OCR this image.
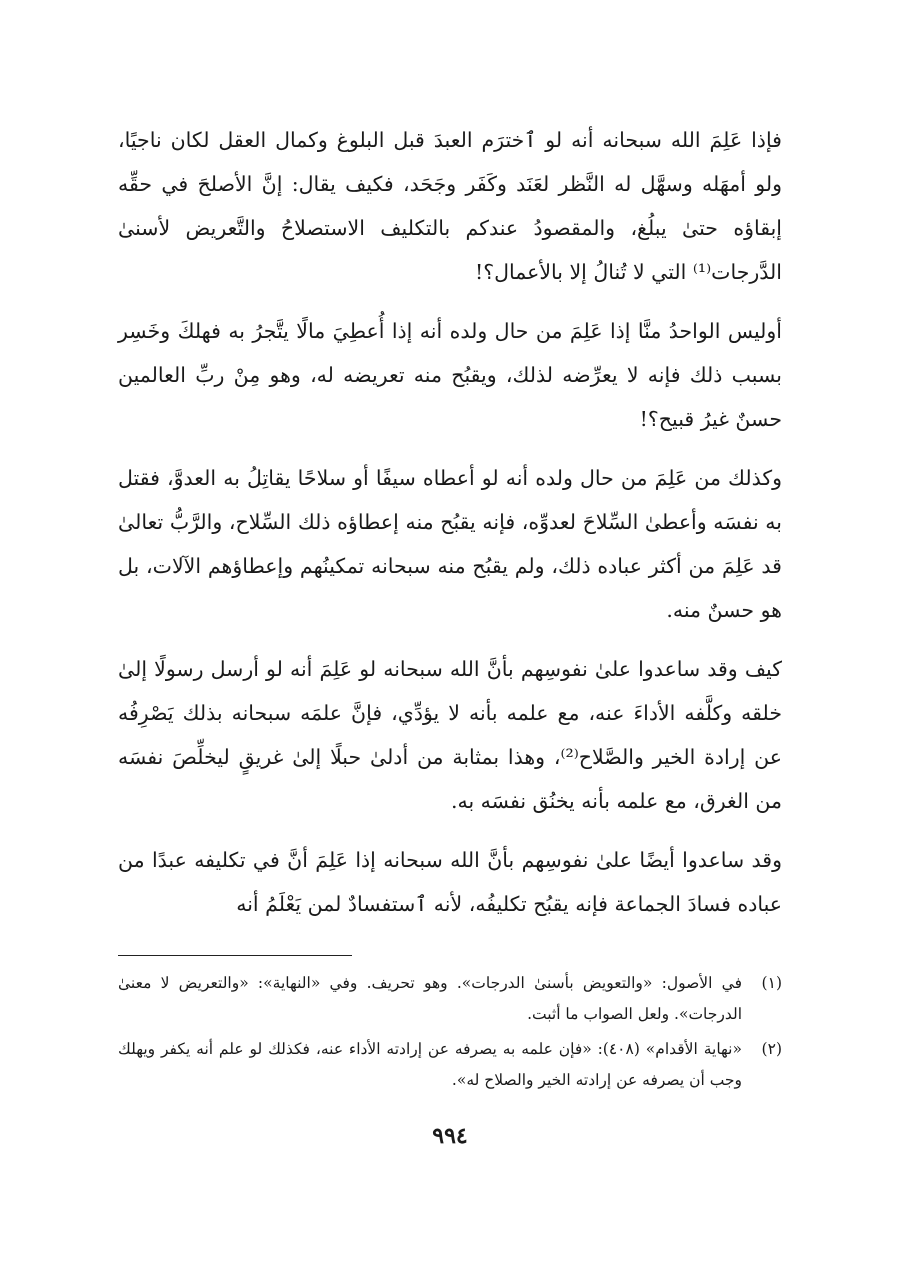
فإذا عَلِمَ الله سبحانه أنه لو ٱخترَم العبدَ قبل البلوغ وكمال العقل لكان ناجيًا، ولو أمهَله وسهَّل له النَّظر لعَنَد وكَفَر وجَحَد، فكيف يقال: إنَّ الأصلحَ في حقِّه إبقاؤه حتىٰ يبلُغ، والمقصودُ عندكم بالتكليف الاستصلاحُ والتَّعريض لأسنىٰ الدَّرجات⁽¹⁾ التي لا تُنالُ إلا بالأعمال؟!

أوليس الواحدُ منَّا إذا عَلِمَ من حال ولده أنه إذا أُعطِيَ مالًا يتَّجرُ به فهلكَ وخَسِر بسبب ذلك فإنه لا يعرِّضه لذلك، ويقبُح منه تعريضه له، وهو مِنْ ربِّ العالمين حسنٌ غيرُ قبيح؟!

وكذلك من عَلِمَ من حال ولده أنه لو أعطاه سيفًا أو سلاحًا يقاتِلُ به العدوَّ، فقتل به نفسَه وأعطىٰ السِّلاحَ لعدوِّه، فإنه يقبُح منه إعطاؤه ذلك السِّلاح، والرَّبُّ تعالىٰ قد عَلِمَ من أكثر عباده ذلك، ولم يقبُح منه سبحانه تمكينُهم وإعطاؤهم الآلات، بل هو حسنٌ منه.

كيف وقد ساعدوا علىٰ نفوسِهم بأنَّ الله سبحانه لو عَلِمَ أنه لو أرسل رسولًا إلىٰ خلقه وكلَّفه الأداءَ عنه، مع علمه بأنه لا يؤدِّي، فإنَّ علمَه سبحانه بذلك يَصْرِفُه عن إرادة الخير والصَّلاح⁽²⁾، وهذا بمثابة من أدلىٰ حبلًا إلىٰ غريقٍ ليخلِّصَ نفسَه من الغرق، مع علمه بأنه يخنُق نفسَه به.

وقد ساعدوا أيضًا علىٰ نفوسِهم بأنَّ الله سبحانه إذا عَلِمَ أنَّ في تكليفه عبدًا من عباده فسادَ الجماعة فإنه يقبُح تكليفُه، لأنه ٱستفسادٌ لمن يَعْلَمُ أنه

(١)
في الأصول: «والتعويض بأسنىٰ الدرجات». وهو تحريف. وفي «النهاية»: «والتعريض لا معنىٰ الدرجات». ولعل الصواب ما أثبت.
(٢)
«نهاية الأقدام» (٤٠٨): «فإن علمه به يصرفه عن إرادته الأداء عنه، فكذلك لو علم أنه يكفر ويهلك وجب أن يصرفه عن إرادته الخير والصلاح له».
٩٩٤
